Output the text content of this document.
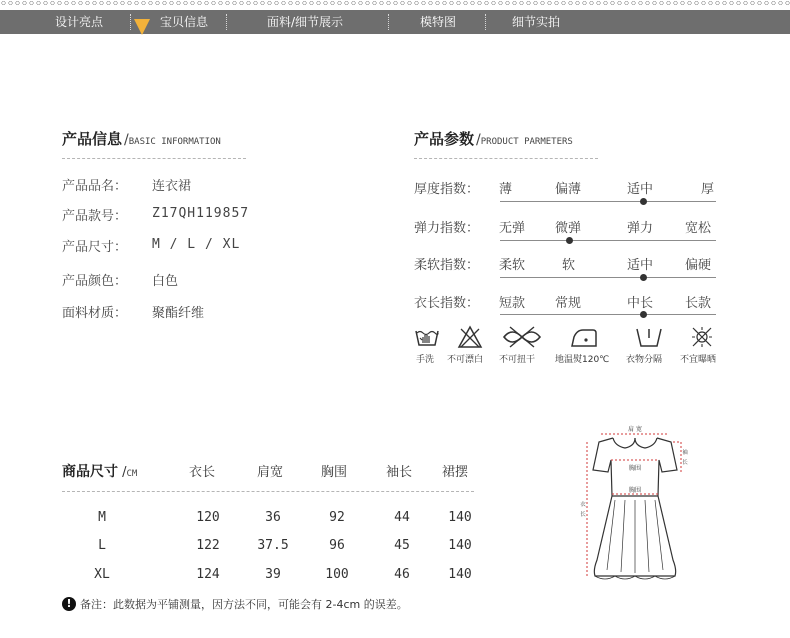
设计亮点	宝贝信息	面料/细节展示	模特图	细节实拍
产品信息 /BASIC INFORMATION
产品品名： 连衣裙
产品款号： Z17QH119857
产品尺寸： M / L / XL
产品颜色： 白色
面料材质： 聚酯纤维
产品参数 /PRODUCT PARMETERS
厚度指数： 薄	偏薄	适中	厚
弹力指数： 无弹 微弹	弹力 宽松
柔软指数： 柔软	软	适中 偏硬
衣长指数： 短款 常规	中长 长款
手洗 不可漂白 不可扭干 地温熨120℃ 衣物分隔 不宜曝晒
商品尺寸 /CM	衣长	肩宽	胸围	袖长 裙摆
M	120	36	92	44	140
L	122	37.5	96	45	140
XL	124	39	100	46	140
肩 宽
袖
长
胸围
胸围
衣
长
! 备注：此数据为平铺测量，因方法不同，可能会有 2-4cm 的误差。
